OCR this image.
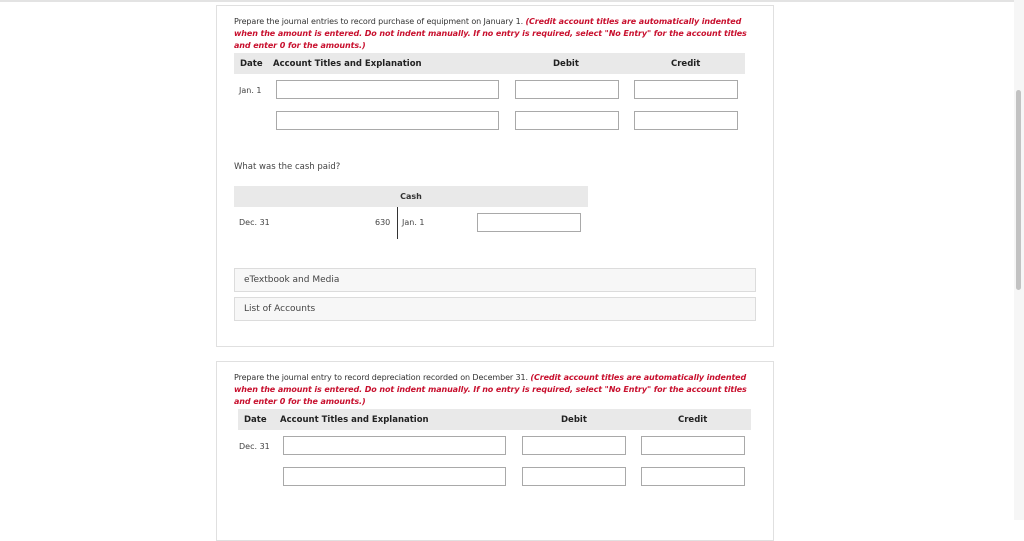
Prepare the journal entries to record purchase of equipment on January 1. (Credit account titles are automatically indented when the amount is entered. Do not indent manually. If no entry is required, select "No Entry" for the account titles and enter 0 for the amounts.)
Date Account Titles and Explanation	Debit	Credit
Jan. 1
What was the cash paid?
Cash
Dec. 31	630 Jan. 1
eTextbook and Media
List of Accounts
Prepare the journal entry to record depreciation recorded on December 31. (Credit account titles are automatically indented when the amount is entered. Do not indent manually. If no entry is required, select "No Entry" for the account titles and enter 0 for the amounts.)
Date Account Titles and Explanation	Debit	Credit
Dec. 31
